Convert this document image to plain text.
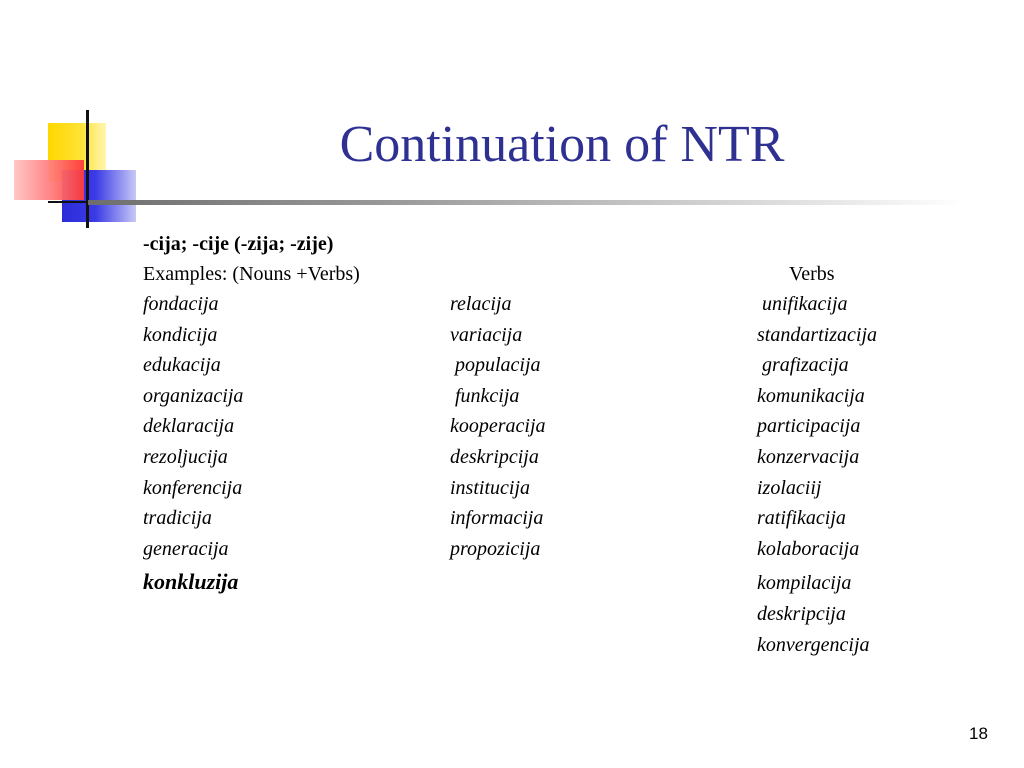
Continuation of NTR
-cija; -cije (-zija; -zije)
Examples: (Nouns +Verbs)	Verbs
fondacija
kondicija
edukacija
organizacija
deklaracija
rezoljucija
konferencija
tradicija
generacija
konkluzija
relacija
variacija
populacija
funkcija
kooperacija
deskripcija
institucija
informacija
propozicija
unifikacija
standartizacija
grafizacija
komunikacija
participacija
konzervacija
izolaciij
ratifikacija
kolaboracija
kompilacija
deskripcija
konvergencija
18
